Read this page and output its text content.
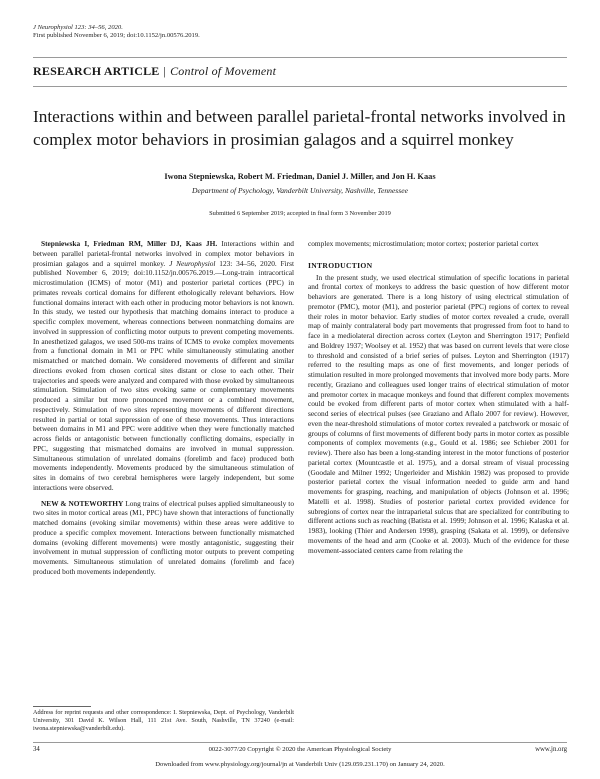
J Neurophysiol 123: 34–56, 2020.
First published November 6, 2019; doi:10.1152/jn.00576.2019.
RESEARCH ARTICLE | Control of Movement
Interactions within and between parallel parietal-frontal networks involved in complex motor behaviors in prosimian galagos and a squirrel monkey
Iwona Stepniewska, Robert M. Friedman, Daniel J. Miller, and Jon H. Kaas
Department of Psychology, Vanderbilt University, Nashville, Tennessee
Submitted 6 September 2019; accepted in final form 3 November 2019

Stepniewska I, Friedman RM, Miller DJ, Kaas JH. Interactions within and between parallel parietal-frontal networks involved in complex motor behaviors in prosimian galagos and a squirrel monkey. J Neurophysiol 123: 34–56, 2020. First published November 6, 2019; doi:10.1152/jn.00576.2019.—Long-train intracortical microstimulation (ICMS) of motor (M1) and posterior parietal cortices (PPC) in primates reveals cortical domains for different ethologically relevant behaviors. How functional domains interact with each other in producing motor behaviors is not known. In this study, we tested our hypothesis that matching domains interact to produce a specific complex movement, whereas connections between nonmatching domains are involved in suppression of conflicting motor outputs to prevent competing movements. In anesthetized galagos, we used 500-ms trains of ICMS to evoke complex movements from a functional domain in M1 or PPC while simultaneously stimulating another mismatched or matched domain. We considered movements of different and similar directions evoked from chosen cortical sites distant or close to each other. Their trajectories and speeds were analyzed and compared with those evoked by simultaneous stimulation. Stimulation of two sites evoking same or complementary movements produced a similar but more pronounced movement or a combined movement, respectively. Stimulation of two sites representing movements of different directions resulted in partial or total suppression of one of these movements. Thus interactions between domains in M1 and PPC were additive when they were functionally matched across fields or antagonistic between functionally conflicting domains, especially in PPC, suggesting that mismatched domains are involved in mutual suppression. Simultaneous stimulation of unrelated domains (forelimb and face) produced both movements independently. Movements produced by the simultaneous stimulation of sites in domains of two cerebral hemispheres were largely independent, but some interactions were observed.

NEW & NOTEWORTHY Long trains of electrical pulses applied simultaneously to two sites in motor cortical areas (M1, PPC) have shown that interactions of functionally matched domains (evoking similar movements) within these areas were additive to produce a specific complex movement. Interactions between functionally mismatched domains (evoking different movements) were mostly antagonistic, suggesting their involvement in mutual suppression of conflicting motor outputs to prevent competing movements. Simultaneous stimulation of unrelated domains (forelimb and face) produced both movements independently.

complex movements; microstimulation; motor cortex; posterior parietal cortex

INTRODUCTION

In the present study, we used electrical stimulation of specific locations in parietal and frontal cortex of monkeys to address the basic question of how different motor behaviors are generated. There is a long history of using electrical stimulation of premotor (PMC), motor (M1), and posterior parietal (PPC) regions of cortex to reveal their roles in motor behavior. Early studies of motor cortex revealed a crude, overall map of mainly contralateral body part movements that progressed from foot to hand to face in a mediolateral direction across cortex (Leyton and Sherrington 1917; Penfield and Boldrey 1937; Woolsey et al. 1952) that was based on current levels that were close to threshold and consisted of a brief series of pulses. Leyton and Sherrington (1917) referred to the resulting maps as one of first movements, and longer periods of stimulation resulted in more prolonged movements that involved more body parts. More recently, Graziano and colleagues used longer trains of electrical stimulation of motor and premotor cortex in macaque monkeys and found that different complex movements could be evoked from different parts of motor cortex when stimulated with a half-second series of electrical pulses (see Graziano and Aflalo 2007 for review). However, even the near-threshold stimulations of motor cortex revealed a patchwork or mosaic of groups of columns of first movements of different body parts in motor cortex as possible components of complex movements (e.g., Gould et al. 1986; see Schieber 2001 for review). There also has been a long-standing interest in the motor functions of posterior parietal cortex (Mountcastle et al. 1975), and a dorsal stream of visual processing (Goodale and Milner 1992; Ungerleider and Mishkin 1982) was proposed to provide posterior parietal cortex the visual information needed to guide arm and hand movements for grasping, reaching, and manipulation of objects (Johnson et al. 1996; Matelli et al. 1998). Studies of posterior parietal cortex provided evidence for subregions of cortex near the intraparietal sulcus that are specialized for contributing to different actions such as reaching (Batista et al. 1999; Johnson et al. 1996; Kalaska et al. 1983), looking (Thier and Andersen 1998), grasping (Sakata et al. 1999), or defensive movements of the head and arm (Cooke et al. 2003). Much of the evidence for these movement-associated centers came from relating the

Address for reprint requests and other correspondence: I. Stepniewska, Dept. of Psychology, Vanderbilt University, 301 David K. Wilson Hall, 111 21st Ave. South, Nashville, TN 37240 (e-mail: iwona.stepniewska@vanderbilt.edu).
34	0022-3077/20 Copyright © 2020 the American Physiological Society	www.jn.org
Downloaded from www.physiology.org/journal/jn at Vanderbilt Univ (129.059.231.170) on January 24, 2020.
